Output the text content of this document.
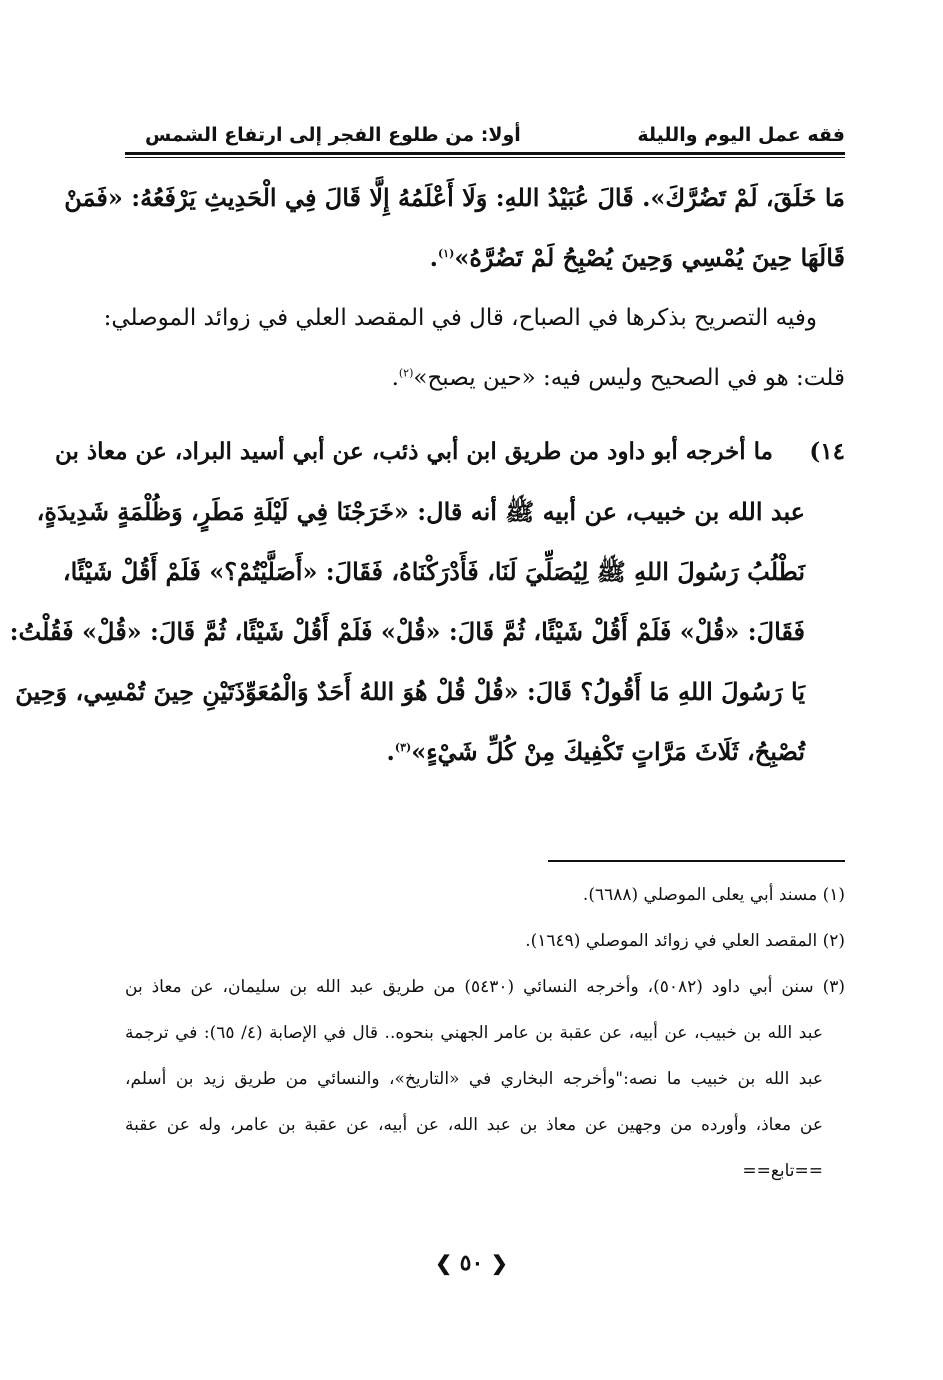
فقه عمل اليوم والليلة
أولا: من طلوع الفجر إلى ارتفاع الشمس
مَا خَلَقَ، لَمْ تَضُرَّكَ». قَالَ عُبَيْدُ اللهِ: وَلَا أَعْلَمُهُ إِلَّا قَالَ فِي الْحَدِيثِ يَرْفَعُهُ: «فَمَنْ
قَالَهَا حِينَ يُمْسِي وَحِينَ يُصْبِحُ لَمْ تَضُرَّهُ»$^{(١)}$.
وفيه التصريح بذكرها في الصباح، قال في المقصد العلي في زوائد الموصلي:
قلت: هو في الصحيح وليس فيه: «حين يصبح»$^{(٢)}$.
١٤)
ما أخرجه أبو داود من طريق ابن أبي ذئب، عن أبي أسيد البراد، عن معاذ بن
عبد الله بن خبيب، عن أبيه ﷺ أنه قال: «خَرَجْنَا فِي لَيْلَةِ مَطَرٍ، وَظُلْمَةٍ شَدِيدَةٍ،
نَطْلُبُ رَسُولَ اللهِ ﷺ لِيُصَلِّيَ لَنَا، فَأَدْرَكْنَاهُ، فَقَالَ: «أَصَلَّيْتُمْ؟» فَلَمْ أَقُلْ شَيْئًا،
فَقَالَ: «قُلْ» فَلَمْ أَقُلْ شَيْئًا، ثُمَّ قَالَ: «قُلْ» فَلَمْ أَقُلْ شَيْئًا، ثُمَّ قَالَ: «قُلْ» فَقُلْتُ:
يَا رَسُولَ اللهِ مَا أَقُولُ؟ قَالَ: «قُلْ قُلْ هُوَ اللهُ أَحَدٌ وَالْمُعَوِّذَتَيْنِ حِينَ تُمْسِي، وَحِينَ
تُصْبِحُ، ثَلَاثَ مَرَّاتٍ تَكْفِيكَ مِنْ كُلِّ شَيْءٍ»$^{(٣)}$.
(١) مسند أبي يعلى الموصلي (٦٦٨٨).
(٢) المقصد العلي في زوائد الموصلي (١٦٤٩).
(٣) سنن أبي داود (٥٠٨٢)، وأخرجه النسائي (٥٤٣٠) من طريق عبد الله بن سليمان، عن معاذ بن
عبد الله بن خبيب، عن أبيه، عن عقبة بن عامر الجهني بنحوه.. قال في الإصابة (٤/ ٦٥): في ترجمة
عبد الله بن خبيب ما نصه:"وأخرجه البخاري في «التاريخ»، والنسائي من طريق زيد بن أسلم،
عن معاذ، وأورده من وجهين عن معاذ بن عبد الله، عن أبيه، عن عقبة بن عامر، وله عن عقبة
==تابع==
❮ ٥٠ ❯
